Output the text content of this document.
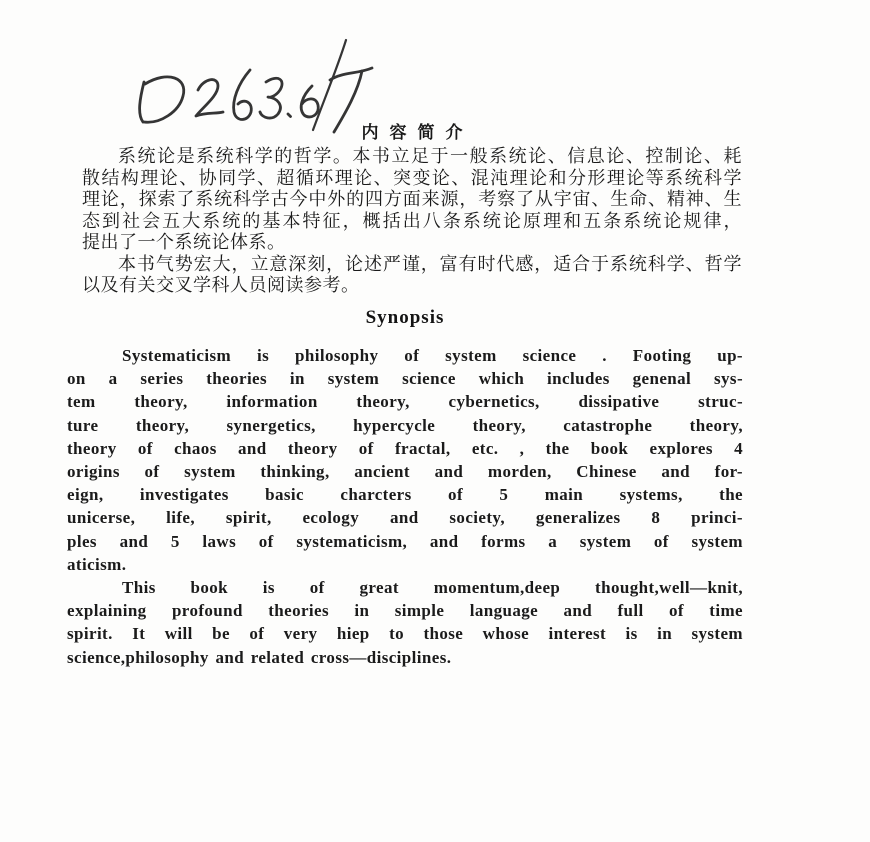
内容简介
系统论是系统科学的哲学。本书立足于一般系统论、信息论、控制论、耗
散结构理论、协同学、超循环理论、突变论、混沌理论和分形理论等系统科学
理论，探索了系统科学古今中外的四方面来源，考察了从宇宙、生命、精神、生
态到社会五大系统的基本特征，概括出八条系统论原理和五条系统论规律，
提出了一个系统论体系。
本书气势宏大，立意深刻，论述严谨，富有时代感，适合于系统科学、哲学
以及有关交叉学科人员阅读参考。
Synopsis
Systematicism is philosophy of system science . Footing up-
on a series theories in system science which includes genenal sys-
tem theory, information theory, cybernetics, dissipative struc-
ture theory, synergetics, hypercycle theory, catastrophe theory,
theory of chaos and theory of fractal, etc. , the book explores 4
origins of system thinking, ancient and morden, Chinese and for-
eign, investigates basic charcters of 5 main systems, the
unicerse, life, spirit, ecology and society, generalizes 8 princi-
ples and 5 laws of systematicism, and forms a system of system
aticism.
This book is of great momentum,deep thought,well—knit,
explaining profound theories in simple language and full of time
spirit. It will be of very hiep to those whose interest is in system
science,philosophy and related cross—disciplines.
